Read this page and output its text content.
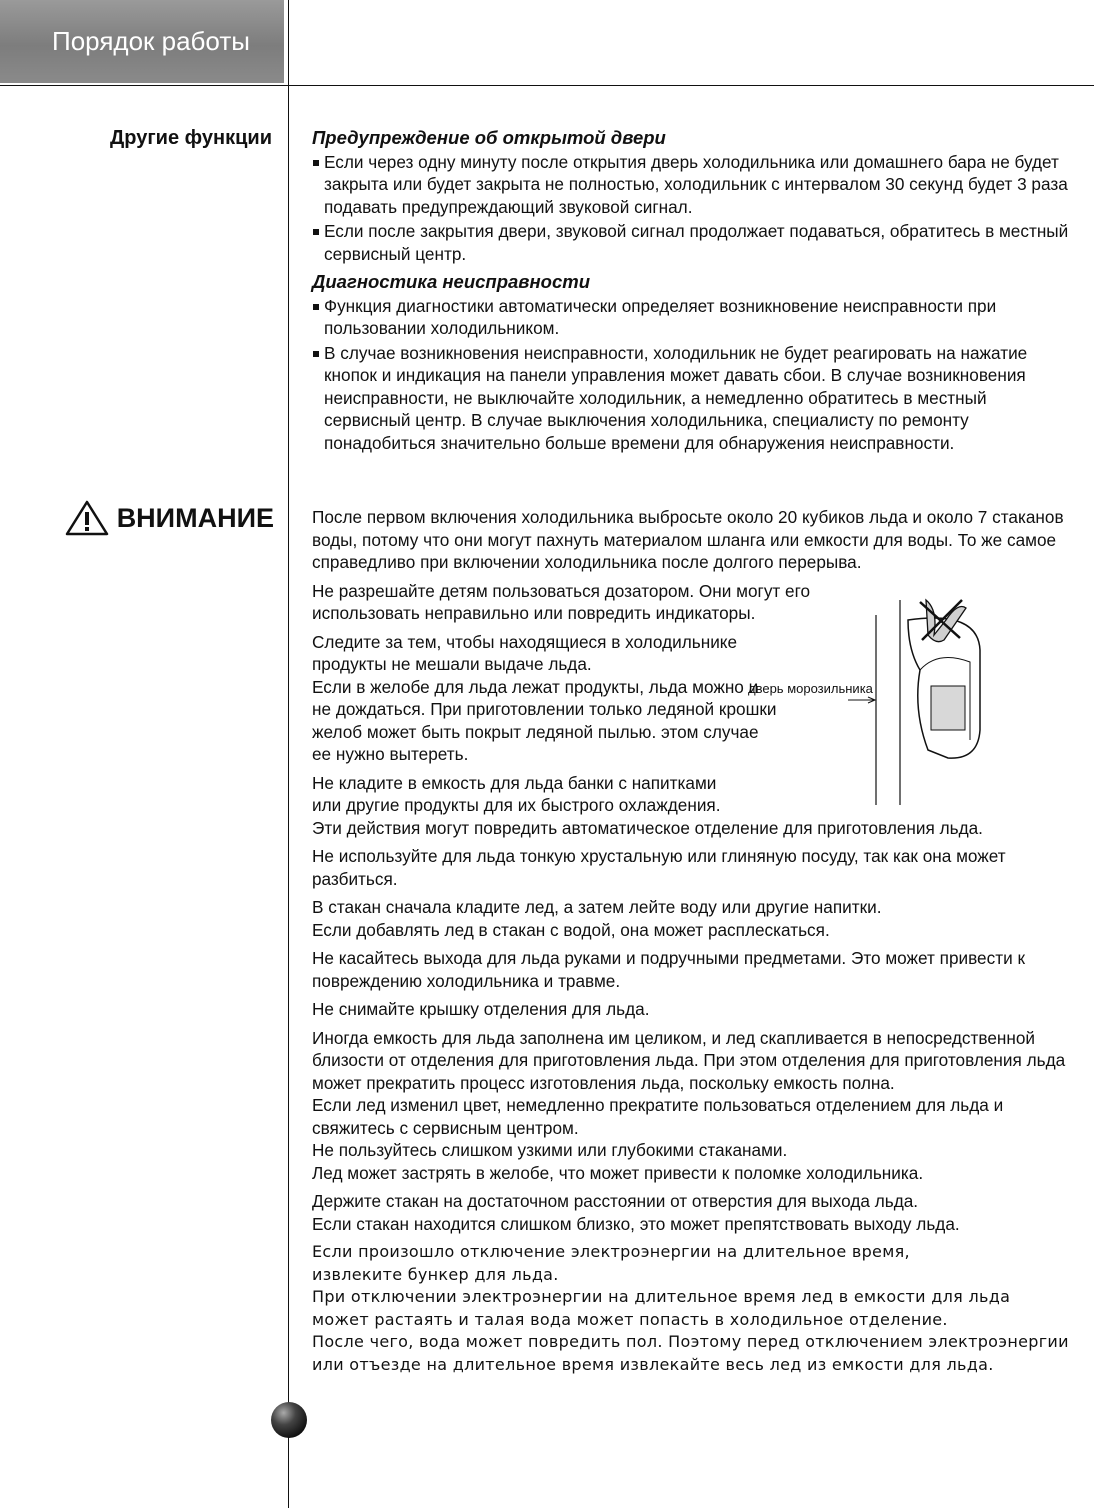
Порядок работы
Другие функции
ВНИМАНИЕ
Предупреждение об открытой двери
Если через одну минуту после открытия дверь холодильника или домашнего бара не будет закрыта или будет закрыта не полностью, холодильник с интервалом 30 секунд будет 3 раза подавать предупреждающий звуковой сигнал.
Если после закрытия двери, звуковой сигнал продолжает подаваться, обратитесь в местный сервисный центр.
Диагностика неисправности
Функция диагностики автоматически определяет возникновение неисправности при пользовании холодильником.
В случае возникновения неисправности, холодильник не будет реагировать на нажатие кнопок и индикация на панели управления может давать сбои. В случае возникновения неисправности, не выключайте холодильник, а немедленно обратитесь в местный сервисный центр. В случае выключения холодильника, специалисту по ремонту понадобиться значительно больше времени для обнаружения неисправности.
После первом включения холодильника выбросьте около 20 кубиков льда и около 7 стаканов воды, потому что они могут пахнуть материалом шланга или емкости для воды. То же самое справедливо при включении холодильника после долгого перерыва.
Не разрешайте детям пользоваться дозатором. Они могут его использовать неправильно или повредить индикаторы.
Следите за тем, чтобы находящиеся в холодильнике продукты не мешали выдаче льда.
Если в желобе для льда лежат продукты, льда можно и не дождаться. При приготовлении только ледяной крошки желоб может быть покрыт ледяной пылью. этом случае ее нужно вытереть.
Не кладите в емкость для льда банки с напитками или другие продукты для их быстрого охлаждения.
Эти действия могут повредить автоматическое отделение для приготовления льда.
Не используйте для льда тонкую хрустальную или глиняную посуду, так как она может разбиться.
В стакан сначала кладите лед, а затем лейте воду или другие напитки.
Если добавлять лед в стакан с водой, она может расплескаться.
Не касайтесь выхода для льда руками и подручными предметами. Это может привести к повреждению холодильника и травме.
Не снимайте крышку отделения для льда.
Иногда емкость для льда заполнена им целиком, и лед скапливается в непосредственной близости от отделения для приготовления льда. При этом отделения для приготовления льда может прекратить процесс изготовления льда, поскольку емкость полна.
Если лед изменил цвет, немедленно прекратите пользоваться отделением для льда и свяжитесь с сервисным центром.
Не пользуйтесь слишком узкими или глубокими стаканами.
Лед может застрять в желобе, что может привести к поломке холодильника.
Держите стакан на достаточном расстоянии от отверстия для выхода льда.
Если стакан находится слишком близко, это может препятствовать выходу льда.
Если произошло отключение электроэнергии на длительное время, извлеките бункер для льда.
При отключении электроэнергии на длительное время лед в емкости для льда может растаять и талая вода может попасть в холодильное отделение.
После чего, вода может повредить пол. Поэтому перед отключением электроэнергии или отъезде на длительное время извлекайте весь лед из емкости для льда.
дверь морозильника
